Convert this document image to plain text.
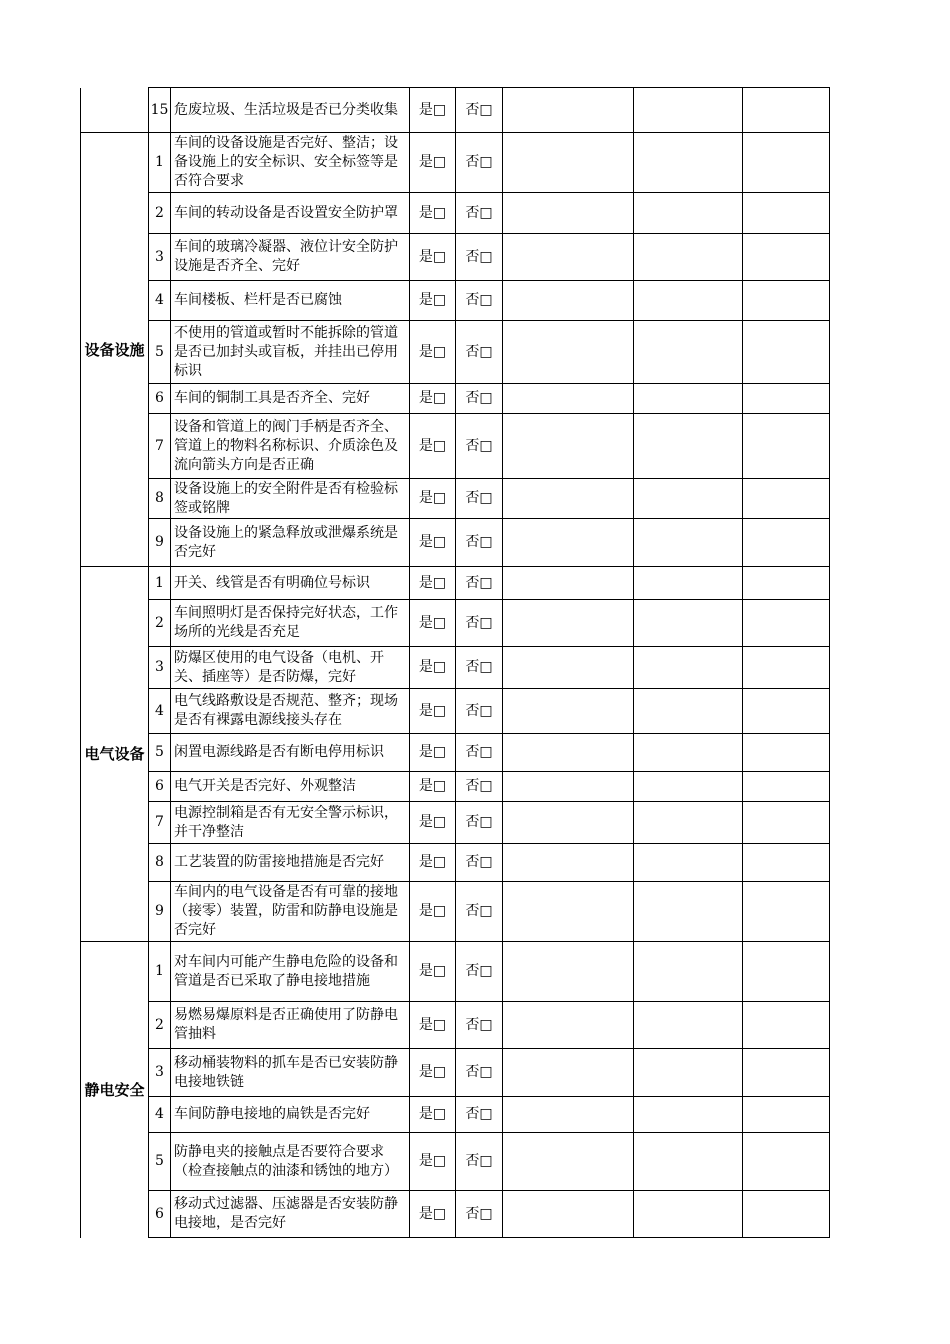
	15	危废垃圾、生活垃圾是否已分类收集	是□	否□			
设备设施	1	车间的设备设施是否完好、整洁；设备设施上的安全标识、安全标签等是否符合要求	是□	否□			
	2	车间的转动设备是否设置安全防护罩	是□	否□			
	3	车间的玻璃冷凝器、液位计安全防护设施是否齐全、完好	是□	否□			
	4	车间楼板、栏杆是否已腐蚀	是□	否□			
	5	不使用的管道或暂时不能拆除的管道是否已加封头或盲板，并挂出已停用标识	是□	否□			
	6	车间的铜制工具是否齐全、完好	是□	否□			
	7	设备和管道上的阀门手柄是否齐全、管道上的物料名称标识、介质涂色及流向箭头方向是否正确	是□	否□			
	8	设备设施上的安全附件是否有检验标签或铭牌	是□	否□			
	9	设备设施上的紧急释放或泄爆系统是否完好	是□	否□			
电气设备	1	开关、线管是否有明确位号标识	是□	否□			
	2	车间照明灯是否保持完好状态，工作场所的光线是否充足	是□	否□			
	3	防爆区使用的电气设备（电机、开关、插座等）是否防爆，完好	是□	否□			
	4	电气线路敷设是否规范、整齐；现场是否有裸露电源线接头存在	是□	否□			
	5	闲置电源线路是否有断电停用标识	是□	否□			
	6	电气开关是否完好、外观整洁	是□	否□			
	7	电源控制箱是否有无安全警示标识，并干净整洁	是□	否□			
	8	工艺装置的防雷接地措施是否完好	是□	否□			
	9	车间内的电气设备是否有可靠的接地（接零）装置，防雷和防静电设施是否完好	是□	否□			
静电安全	1	对车间内可能产生静电危险的设备和管道是否已采取了静电接地措施	是□	否□			
	2	易燃易爆原料是否正确使用了防静电管抽料	是□	否□			
	3	移动桶装物料的抓车是否已安装防静电接地铁链	是□	否□			
	4	车间防静电接地的扁铁是否完好	是□	否□			
	5	防静电夹的接触点是否要符合要求（检查接触点的油漆和锈蚀的地方）	是□	否□			
	6	移动式过滤器、压滤器是否安装防静电接地，是否完好	是□	否□			
